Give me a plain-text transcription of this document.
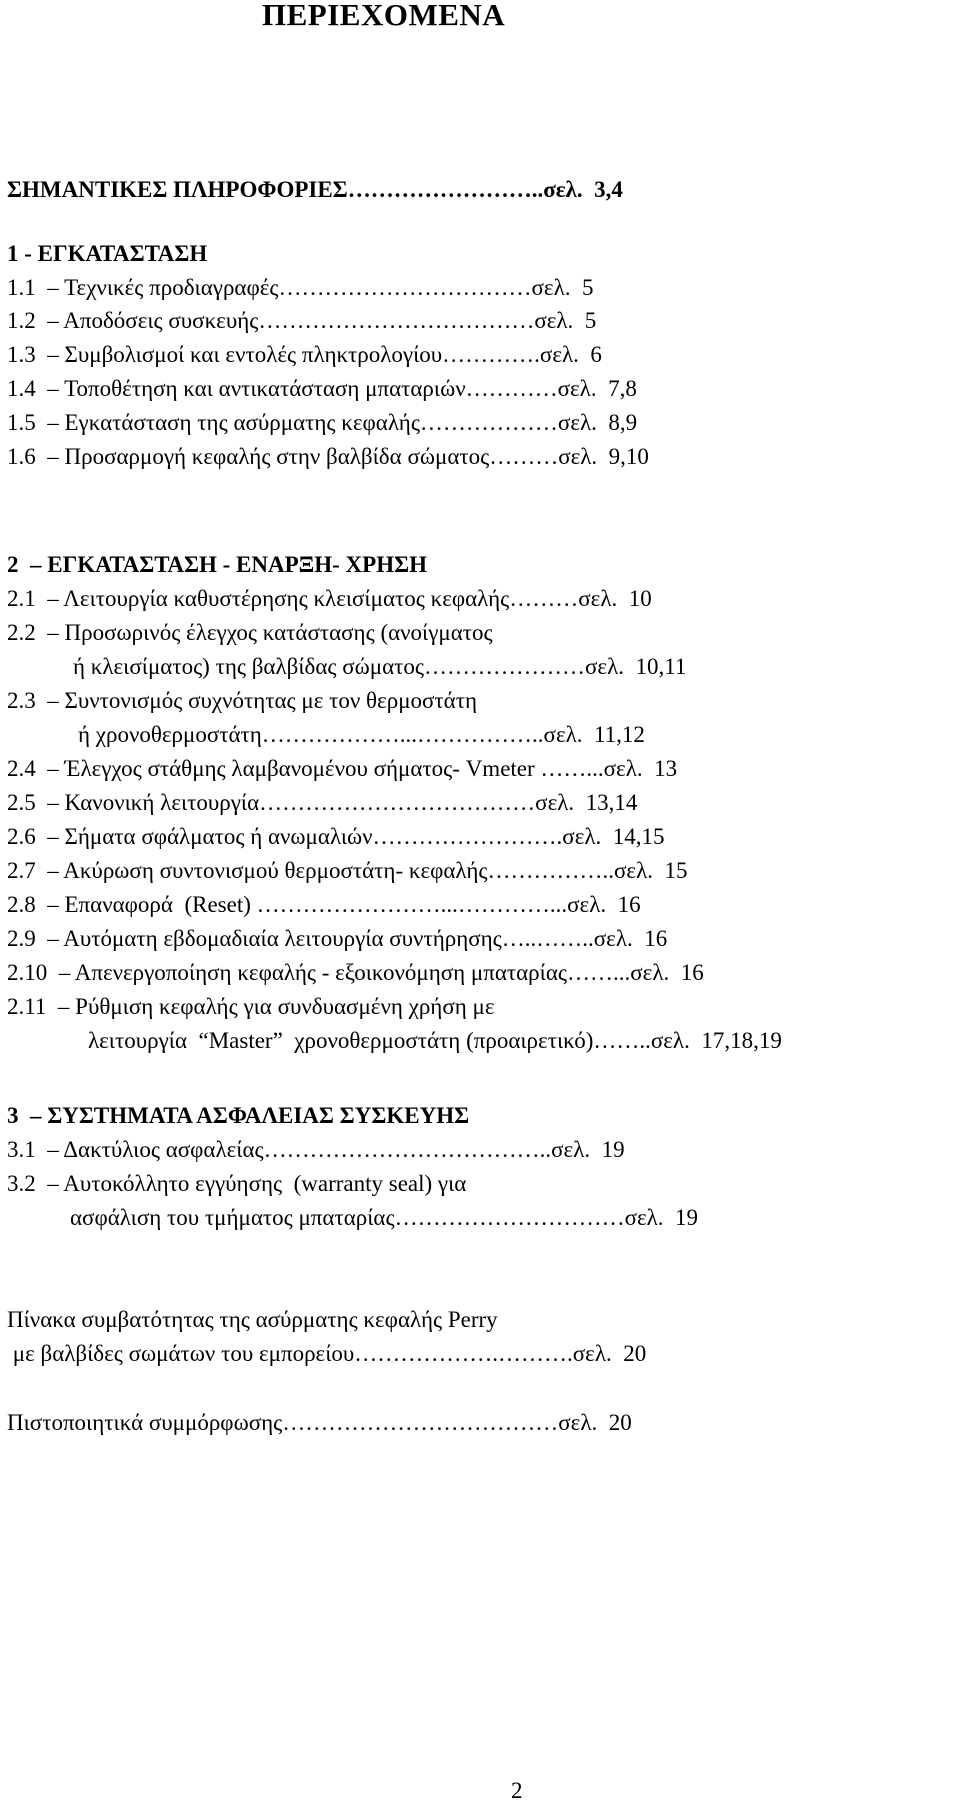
ΠΕΡΙΕΧΟΜΕΝΑ
ΣΗΜΑΝΤΙΚΕΣ ΠΛΗΡΟΦΟΡΙΕΣ……………………..σελ.  3,4
1 - ΕΓΚΑΤΑΣΤΑΣΗ
1.1  – Τεχνικές προδιαγραφές……………………………σελ.  5
1.2  – Αποδόσεις συσκευής………………………………σελ.  5
1.3  – Συμβολισμοί και εντολές πληκτρολογίου………….σελ.  6
1.4  – Τοποθέτηση και αντικατάσταση μπαταριών…………σελ.  7,8
1.5  – Εγκατάσταση της ασύρματης κεφαλής………………σελ.  8,9
1.6  – Προσαρμογή κεφαλής στην βαλβίδα σώματος………σελ.  9,10
2  – ΕΓΚΑΤΑΣΤΑΣΗ - ΕΝΑΡΞΗ- ΧΡΗΣΗ
2.1  – Λειτουργία καθυστέρησης κλεισίματος κεφαλής………σελ.  10
2.2  – Προσωρινός έλεγχος κατάστασης (ανοίγματος
ή κλεισίματος) της βαλβίδας σώματος…………………σελ.  10,11
2.3  – Συντονισμός συχνότητας με τον θερμοστάτη
ή χρονοθερμοστάτη………………...……………..σελ.  11,12
2.4  – Έλεγχος στάθμης λαμβανομένου σήματος- Vmeter ……...σελ.  13
2.5  – Κανονική λειτουργία………………………………σελ.  13,14
2.6  – Σήματα σφάλματος ή ανωμαλιών…………………….σελ.  14,15
2.7  – Ακύρωση συντονισμού θερμοστάτη- κεφαλής……………..σελ.  15
2.8  – Επαναφορά  (Reset) ……………………...…………...σελ.  16
2.9  – Αυτόματη εβδομαδιαία λειτουργία συντήρησης…..……..σελ.  16
2.10  – Απενεργοποίηση κεφαλής - εξοικονόμηση μπαταρίας……...σελ.  16
2.11  – Ρύθμιση κεφαλής για συνδυασμένη χρήση με
λειτουργία  “Master”  χρονοθερμοστάτη (προαιρετικό)……..σελ.  17,18,19
3  – ΣΥΣΤΗΜΑΤΑ ΑΣΦΑΛΕΙΑΣ ΣΥΣΚΕΥΗΣ
3.1  – Δακτύλιος ασφαλείας………………………………..σελ.  19
3.2  – Αυτοκόλλητο εγγύησης  (warranty seal) για
ασφάλιση του τμήματος μπαταρίας…………………………σελ.  19
Πίνακα συμβατότητας της ασύρματης κεφαλής Perry
με βαλβίδες σωμάτων του εμπορείου……………….……….σελ.  20
Πιστοποιητικά συμμόρφωσης………………………………σελ.  20
2
